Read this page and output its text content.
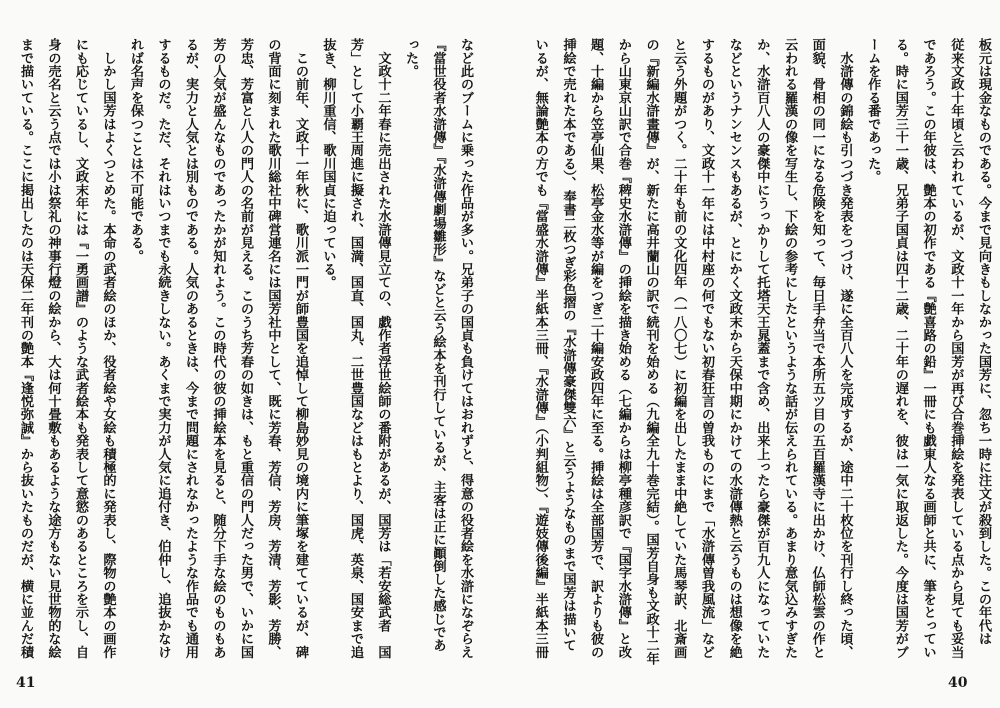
板元は現金なものである。今まで見向きもしなかった国芳に、忽ち一時に注文が殺到した。この年代は
従来文政十年頃と云われているが、文政十一年から国芳が再び合巻挿絵を発表している点から見ても妥当
であろう。この年彼は、艶本の初作である『艶喜路の鉛』一冊にも戯東人なる画師と共に、筆をとってい
る。時に国芳三十一歳、兄弟子国貞は四十二歳、二十年の遅れを、彼は一気に取返した。今度は国芳がブ
ームを作る番であった。
　水滸傳の錦絵も引つづき発表をつづけ、遂に全百八人を完成するが、途中二十枚位を刊行し終った頃、
面貌、骨相の同一になる危険を知って、毎日手弁当で本所五ツ目の五百羅漢寺に出かけ、仏師松雲の作と
云われる羅漢の像を写生し、下絵の参考にしたというような話が伝えられている。あまり意気込みすぎた
か、水滸百八人の豪傑中にうっかりして托塔天王晁蓋まで含め、出来上ったら豪傑が百九人になっていた
などというナンセンスもあるが、とにかく文政末から天保中期にかけての水滸傳熱と云うものは想像を絶
するものがあり、文政十一年には中村座の何でもない初春狂言の曽我ものにまで「水滸傳曽我風流」など
と云う外題がつく。二十年も前の文化四年（一八〇七）に初編を出したまま中絶していた馬琴訳、北斎画
の『新編水滸畫傳』が、新たに高井蘭山の訳で続刊を始める（九編全九十巻完結）。国芳自身も文政十二年
から山東京山訳で合巻『稗史水滸傳』の挿絵を描き始める（七編からは柳亭種彦訳で『国字水滸傳』と改
題、十編から笠亭仙果、松亭金水等が編をつぎ二十編安政四年に至る。挿絵は全部国芳で、訳よりも彼の
挿絵で売れた本である）、奉書二枚つぎ彩色摺の『水滸傳豪傑雙六』と云うようなものまで国芳は描いて
いるが、無論艶本の方でも『當盛水滸傳』半紙本三冊、『水滸傳』（小判組物）、『遊妓傳後編』半紙本三冊
など此のブームに乗った作品が多い。兄弟子の国貞も負けてはおれずと、得意の役者絵を水滸になぞらえ
『當世役者水滸傳』『水滸傳劇場雛形』などと云う絵本を刊行しているが、主客は正に顚倒した感じであ
った。
　文政十二年春に売出された水滸傳見立ての、戯作者浮世絵師の番附があるが、国芳は「若安総武者　国
芳」として小覇王周進に擬され、国満、国直、国丸、二世豊国などはもとより、国虎、英泉、国安まで追
抜き、柳川重信、歌川国貞に迫っている。
　この前年、文政十一年秋に、歌川派一門が師豊国を追悼して柳島妙見の境内に筆塚を建てているが、碑
の背面に刻まれた歌川総社中碑営連名には国芳社中として、既に芳春、芳信、芳房、芳清、芳影、芳勝、
芳忠、芳富と八人の門人の名前が見える。このうち芳春の如きは、もと重信の門人だった男で、いかに国
芳の人気が盛んなものであったかが知れよう。この時代の彼の挿絵本を見ると、随分下手な絵のものもあ
るが、実力と人気とは別ものである。人気のあるときは、今まで問題にされなかったような作品でも通用
するものだ。ただ、それはいつまでも永続きしない。あくまで実力が人気に追付き、伯仲し、追抜かなけ
れば名声を保つことは不可能である。
　しかし国芳はよくつとめた。本命の武者絵のほか、役者絵や女絵も積極的に発表し、際物の艶本の画作
にも応じているし、文政末年には『一勇画譜』のような武者絵本も発表して意慾のあるところを示し、自
身の売名と云う点では小は祭礼の神事行燈の絵から、大は何十畳敷もあるような途方もない見世物的な絵
まで描いている。ここに掲出したのは天保二年刊の艶本『逢悦弥誠』から抜いたものだが、横に並んだ積
41	40
